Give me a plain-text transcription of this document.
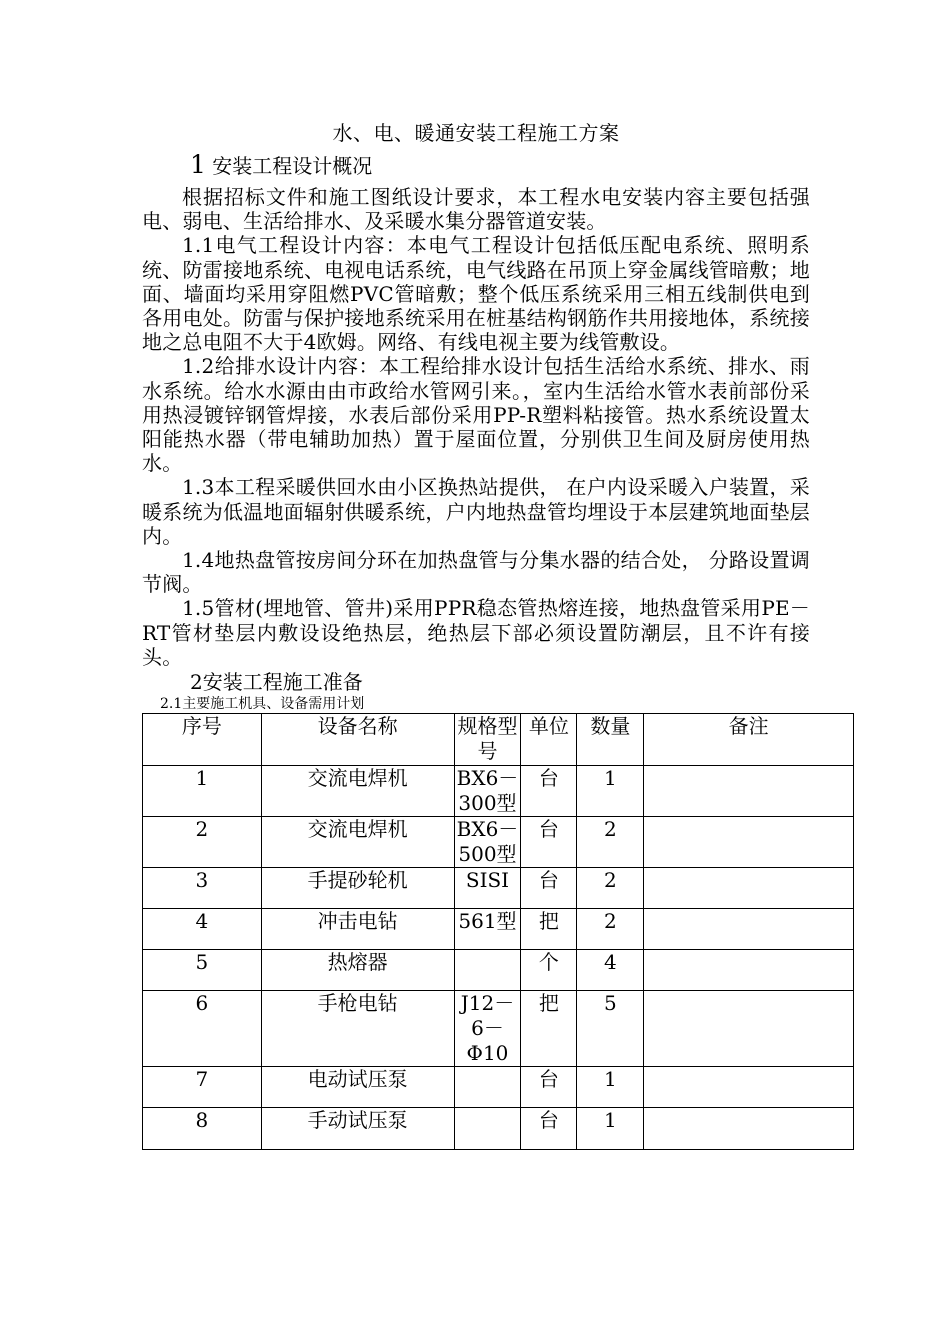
水、电、暖通安装工程施工方案
1 安装工程设计概况

根据招标文件和施工图纸设计要求，本工程水电安装内容主要包括强电、弱电、生活给排水、及采暖水集分器管道安装。

1.1电气工程设计内容：本电气工程设计包括低压配电系统、照明系统、防雷接地系统、电视电话系统，电气线路在吊顶上穿金属线管暗敷；地面、墙面均采用穿阻燃PVC管暗敷；整个低压系统采用三相五线制供电到各用电处。防雷与保护接地系统采用在桩基结构钢筋作共用接地体，系统接地之总电阻不大于4欧姆。网络、有线电视主要为线管敷设。

1.2给排水设计内容：本工程给排水设计包括生活给水系统、排水、雨水系统。给水水源由由市政给水管网引来。，室内生活给水管水表前部份采用热浸镀锌钢管焊接，水表后部份采用PP-R塑料粘接管。热水系统设置太阳能热水器（带电辅助加热）置于屋面位置，分别供卫生间及厨房使用热水。

1.3本工程采暖供回水由小区换热站提供， 在户内设采暖入户装置，采暖系统为低温地面辐射供暖系统，户内地热盘管均埋设于本层建筑地面垫层内。

1.4地热盘管按房间分环在加热盘管与分集水器的结合处， 分路设置调节阀。

1.5管材(埋地管、管井)采用PPR稳态管热熔连接，地热盘管采用PE－RT管材垫层内敷设设绝热层，绝热层下部必须设置防潮层，且不许有接头。

2安装工程施工准备
2.1主要施工机具、设备需用计划
序号	设备名称	规格型号	单位	数量	备注
1	交流电焊机	BX6－300型	台	1	
2	交流电焊机	BX6－500型	台	2	
3	手提砂轮机	SISI	台	2	
4	冲击电钻	561型	把	2	
5	热熔器		个	4	
6	手枪电钻	J12－6－Φ10	把	5	
7	电动试压泵		台	1	
8	手动试压泵		台	1	
